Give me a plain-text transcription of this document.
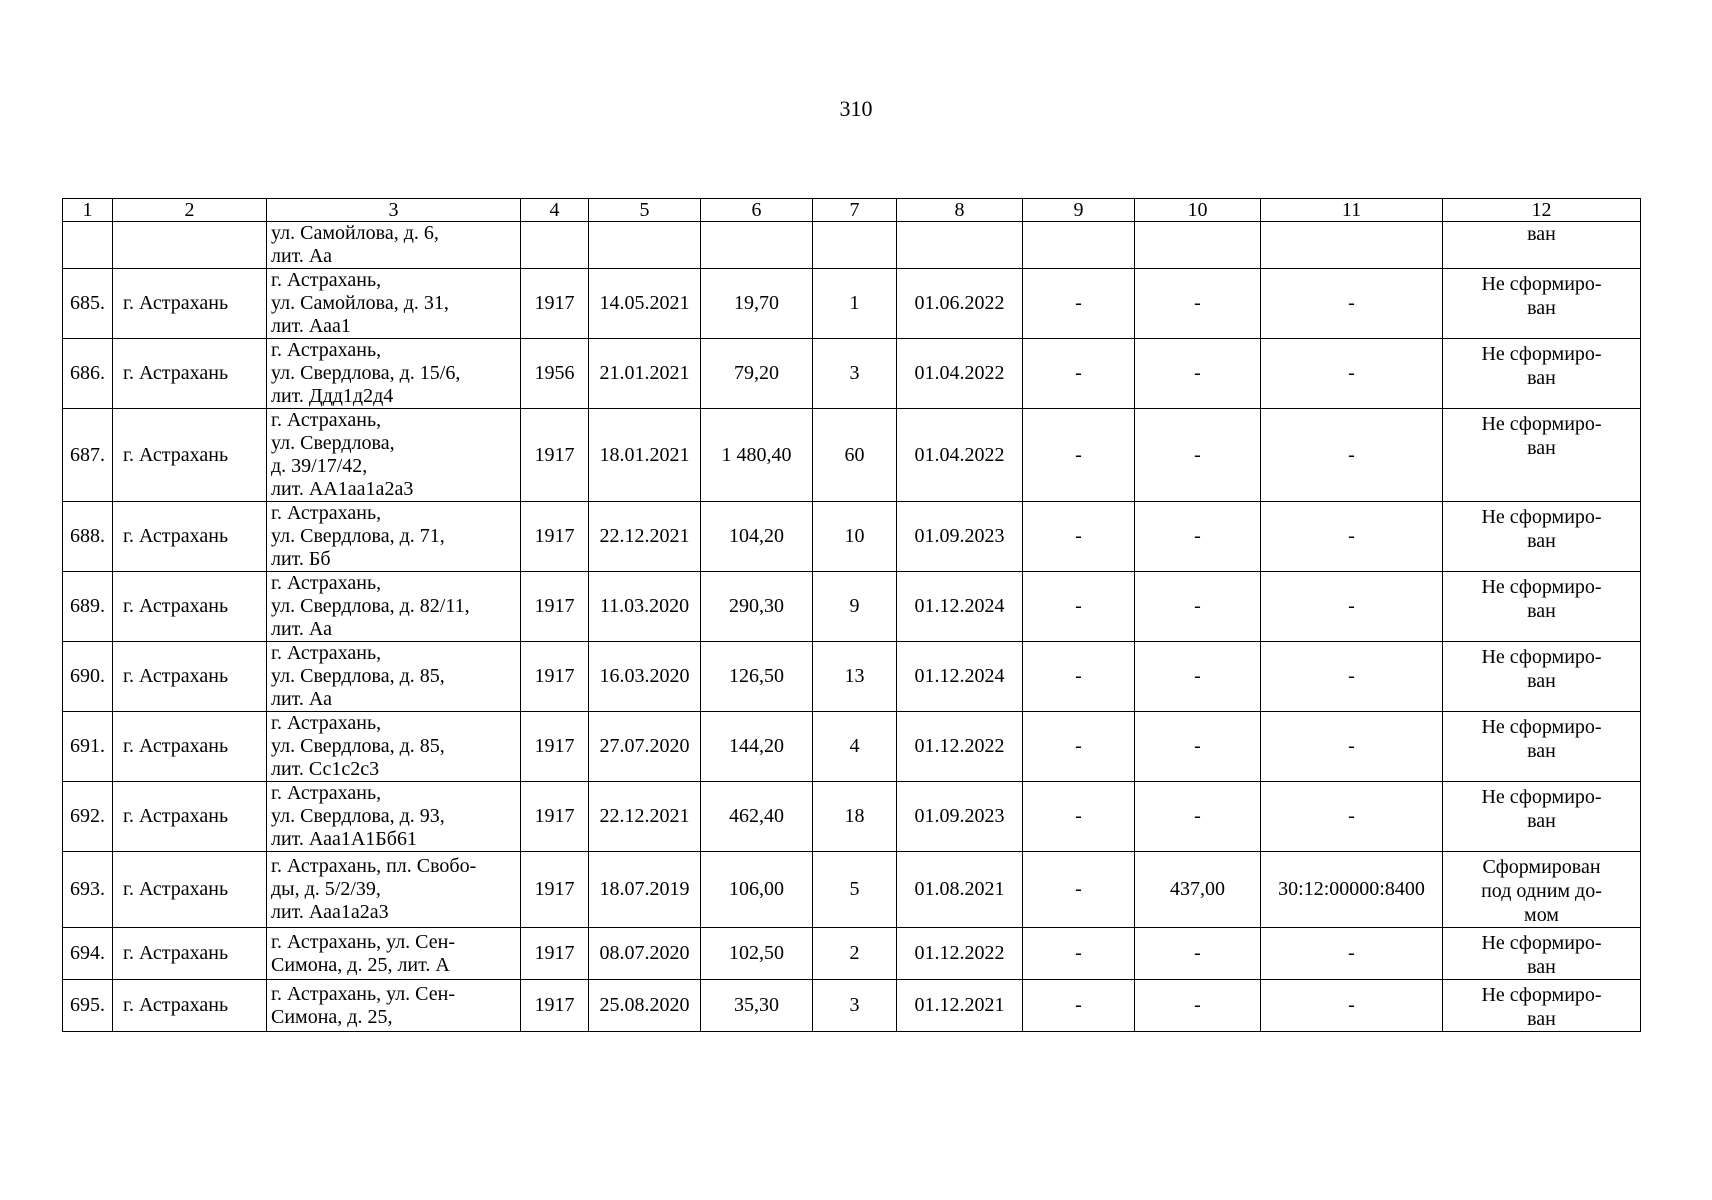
310
1	2	3	4	5	6	7	8	9	10	11	12

		ул. Самойлова, д. 6,
лит. Аа									ван

685.	г. Астрахань	г. Астрахань,
ул. Самойлова, д. 31,
лит. Ааа1	1917	14.05.2021	19,70	1	01.06.2022	-	-	-	Не сформиро-
ван

686.	г. Астрахань	г. Астрахань,
ул. Свердлова, д. 15/6,
лит. Ддд1д2д4	1956	21.01.2021	79,20	3	01.04.2022	-	-	-	Не сформиро-
ван

687.	г. Астрахань	г. Астрахань,
ул. Свердлова,
д. 39/17/42,
лит. АА1аа1а2а3	1917	18.01.2021	1 480,40	60	01.04.2022	-	-	-	Не сформиро-
ван

688.	г. Астрахань	г. Астрахань,
ул. Свердлова, д. 71,
лит. Бб	1917	22.12.2021	104,20	10	01.09.2023	-	-	-	Не сформиро-
ван

689.	г. Астрахань	г. Астрахань,
ул. Свердлова, д. 82/11,
лит. Аа	1917	11.03.2020	290,30	9	01.12.2024	-	-	-	Не сформиро-
ван

690.	г. Астрахань	г. Астрахань,
ул. Свердлова, д. 85,
лит. Аа	1917	16.03.2020	126,50	13	01.12.2024	-	-	-	Не сформиро-
ван

691.	г. Астрахань	г. Астрахань,
ул. Свердлова, д. 85,
лит. Сс1с2с3	1917	27.07.2020	144,20	4	01.12.2022	-	-	-	Не сформиро-
ван

692.	г. Астрахань	г. Астрахань,
ул. Свердлова, д. 93,
лит. Ааа1А1Бб61	1917	22.12.2021	462,40	18	01.09.2023	-	-	-	Не сформиро-
ван

693.	г. Астрахань	г. Астрахань, пл. Свобо-
ды, д. 5/2/39,
лит. Ааа1а2а3	1917	18.07.2019	106,00	5	01.08.2021	-	437,00	30:12:00000:8400	Сформирован
под одним до-
мом

694.	г. Астрахань	г. Астрахань, ул. Сен-
Симона, д. 25, лит. А	1917	08.07.2020	102,50	2	01.12.2022	-	-	-	Не сформиро-
ван

695.	г. Астрахань	г. Астрахань, ул. Сен-
Симона, д. 25,	1917	25.08.2020	35,30	3	01.12.2021	-	-	-	Не сформиро-
ван
